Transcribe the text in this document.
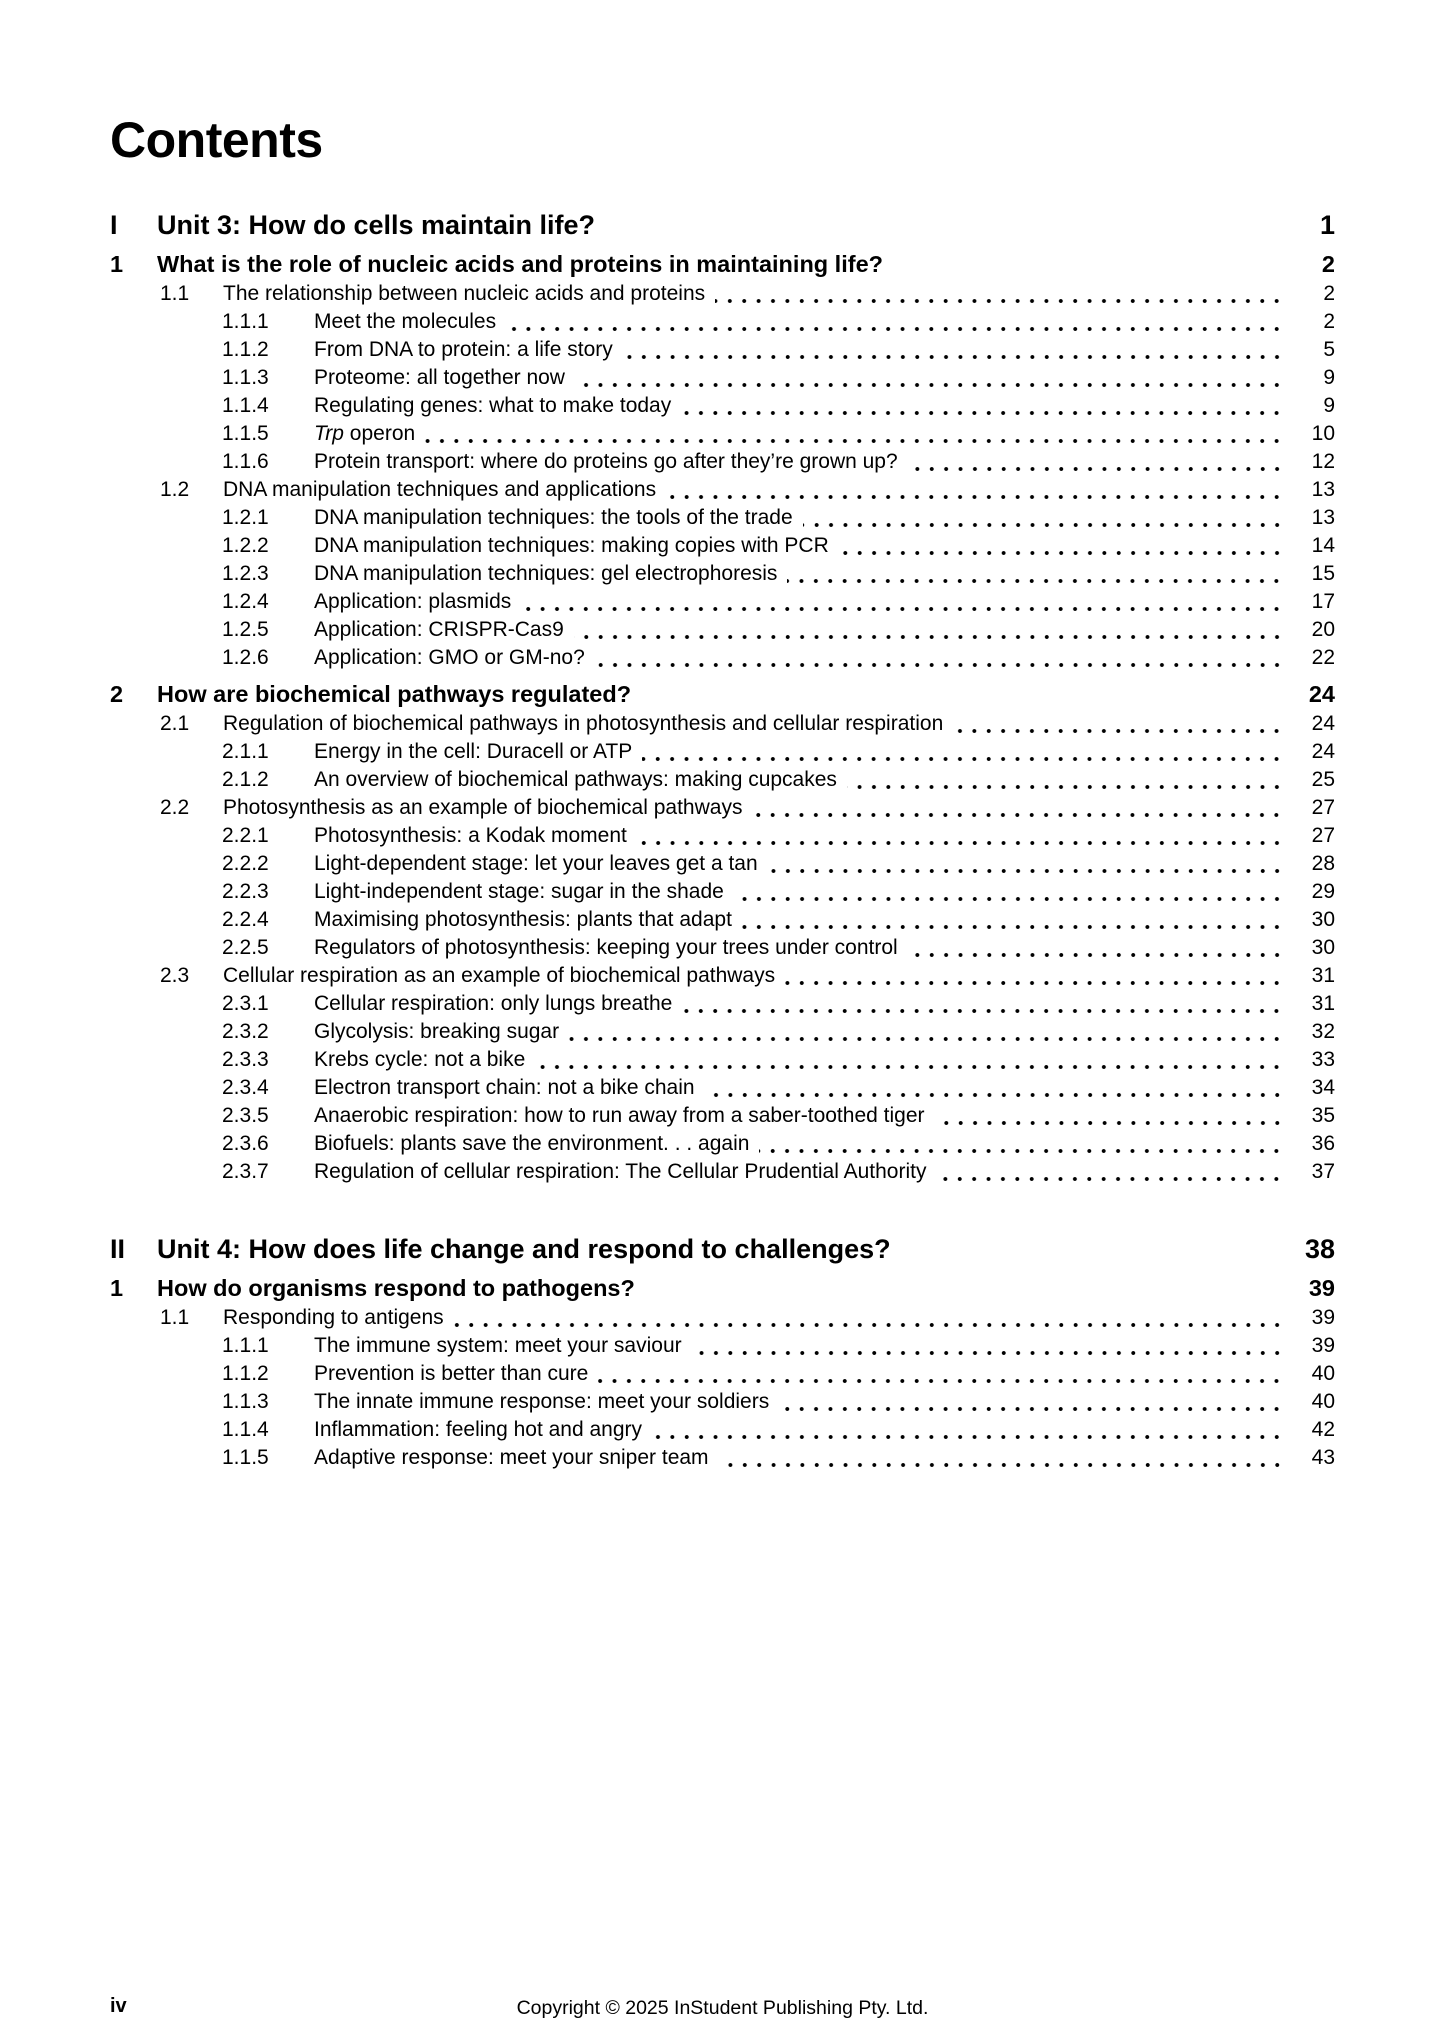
Contents
I	Unit 3: How do cells maintain life?	1
1	What is the role of nucleic acids and proteins in maintaining life?	2
1.1	The relationship between nucleic acids and proteins	2
1.1.1	Meet the molecules	2
1.1.2	From DNA to protein: a life story	5
1.1.3	Proteome: all together now	9
1.1.4	Regulating genes: what to make today	9
1.1.5	Trp operon	10
1.1.6	Protein transport: where do proteins go after they’re grown up?	12
1.2	DNA manipulation techniques and applications	13
1.2.1	DNA manipulation techniques: the tools of the trade	13
1.2.2	DNA manipulation techniques: making copies with PCR	14
1.2.3	DNA manipulation techniques: gel electrophoresis	15
1.2.4	Application: plasmids	17
1.2.5	Application: CRISPR-Cas9	20
1.2.6	Application: GMO or GM-no?	22
2	How are biochemical pathways regulated?	24
2.1	Regulation of biochemical pathways in photosynthesis and cellular respiration	24
2.1.1	Energy in the cell: Duracell or ATP	24
2.1.2	An overview of biochemical pathways: making cupcakes	25
2.2	Photosynthesis as an example of biochemical pathways	27
2.2.1	Photosynthesis: a Kodak moment	27
2.2.2	Light-dependent stage: let your leaves get a tan	28
2.2.3	Light-independent stage: sugar in the shade	29
2.2.4	Maximising photosynthesis: plants that adapt	30
2.2.5	Regulators of photosynthesis: keeping your trees under control	30
2.3	Cellular respiration as an example of biochemical pathways	31
2.3.1	Cellular respiration: only lungs breathe	31
2.3.2	Glycolysis: breaking sugar	32
2.3.3	Krebs cycle: not a bike	33
2.3.4	Electron transport chain: not a bike chain	34
2.3.5	Anaerobic respiration: how to run away from a saber-toothed tiger	35
2.3.6	Biofuels: plants save the environment. . . again	36
2.3.7	Regulation of cellular respiration: The Cellular Prudential Authority	37
II	Unit 4: How does life change and respond to challenges?	38
1	How do organisms respond to pathogens?	39
1.1	Responding to antigens	39
1.1.1	The immune system: meet your saviour	39
1.1.2	Prevention is better than cure	40
1.1.3	The innate immune response: meet your soldiers	40
1.1.4	Inflammation: feeling hot and angry	42
1.1.5	Adaptive response: meet your sniper team	43
iv	Copyright © 2025 InStudent Publishing Pty. Ltd.
